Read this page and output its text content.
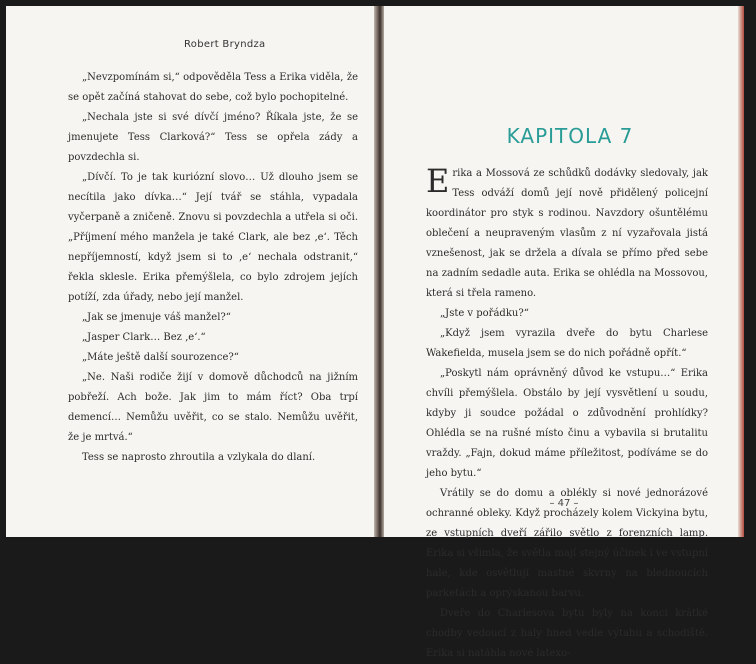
Robert Bryndza

„Nevzpomínám si,“ odpověděla Tess a Erika viděla, že se opět začíná stahovat do sebe, což bylo pochopitelné.

„Nechala jste si své dívčí jméno? Říkala jste, že se jmenujete Tess Clarková?“ Tess se opřela zády a povzdechla si.

„Dívčí. To je tak kuriózní slovo… Už dlouho jsem se necítila jako dívka…“ Její tvář se stáhla, vypadala vyčerpaně a zničeně. Znovu si povzdechla a utřela si oči. „Příjmení mého manžela je také Clark, ale bez ‚e‘. Těch nepříjemností, když jsem si to ‚e‘ nechala odstranit,“ řekla sklesle. Erika přemýšlela, co bylo zdrojem jejích potíží, zda úřady, nebo její manžel.

„Jak se jmenuje váš manžel?“

„Jasper Clark… Bez ‚e‘.“

„Máte ještě další sourozence?“

„Ne. Naši rodiče žijí v domově důchodců na jižním pobřeží. Ach bože. Jak jim to mám říct? Oba trpí demencí… Nemůžu uvěřit, co se stalo. Nemůžu uvěřit, že je mrtvá.“

Tess se naprosto zhroutila a vzlykala do dlaní.

KAPITOLA 7

Erika a Mossová ze schůdků dodávky sledovaly, jak Tess odváží domů její nově přidělený policejní koordinátor pro styk s rodinou. Navzdory ošuntělému oblečení a neupraveným vlasům z ní vyzařovala jistá vznešenost, jak se držela a dívala se přímo před sebe na zadním sedadle auta. Erika se ohlédla na Mossovou, která si třela rameno.

„Jste v pořádku?“

„Když jsem vyrazila dveře do bytu Charlese Wakefielda, musela jsem se do nich pořádně opřít.“

„Poskytl nám oprávněný důvod ke vstupu…“ Erika chvíli přemýšlela. Obstálo by její vysvětlení u soudu, kdyby ji soudce požádal o zdůvodnění prohlídky? Ohlédla se na rušné místo činu a vybavila si brutalitu vraždy. „Fajn, dokud máme příležitost, podíváme se do jeho bytu.“

Vrátily se do domu a oblékly si nové jednorázové ochranné obleky. Když procházely kolem Vickyina bytu, ze vstupních dveří zářilo světlo z forenzních lamp. Erika si všimla, že světla mají stejný účinek i ve vstupní hale, kde osvětlují mastné skvrny na blednoucích parketách a oprýskanou barvu.

Dveře do Charlesova bytu byly na konci krátké chodby vedoucí z haly hned vedle výtahu a schodiště. Erika si natáhla nové latexo-

– 47 –
